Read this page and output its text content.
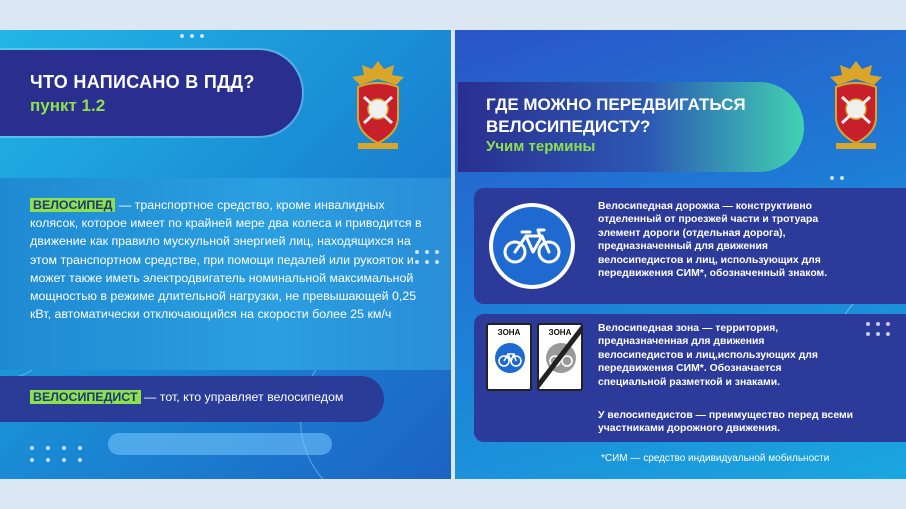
ЧТО НАПИСАНО В ПДД?
пункт 1.2
ВЕЛОСИПЕД — транспортное средство, кроме инвалидных колясок, которое имеет по крайней мере два колеса и приводится в движение как правило мускульной энергией лиц, находящихся на этом транспортном средстве, при помощи педалей или рукояток и может также иметь электродвигатель номинальной максимальной мощностью в режиме длительной нагрузки, не превышающей 0,25 кВт, автоматически отключающийся на скорости более 25 км/ч
ВЕЛОСИПЕДИСТ — тот, кто управляет велосипедом
ГДЕ МОЖНО ПЕРЕДВИГАТЬСЯ ВЕЛОСИПЕДИСТУ?
Учим термины
Велосипедная дорожка — конструктивно отделенный от проезжей части и тротуара элемент дороги (отдельная дорога), предназначенный для движения велосипедистов и лиц, использующих для передвижения СИМ*, обозначенный знаком.
ЗОНА	ЗОНА	Велосипедная зона — территория, предназначенная для движения велосипедистов и лиц,использующих для передвижения СИМ*. Обозначается специальной разметкой и знаками.
У велосипедистов — преимущество перед всеми участниками дорожного движения.
*СИМ — средство индивидуальной мобильности
